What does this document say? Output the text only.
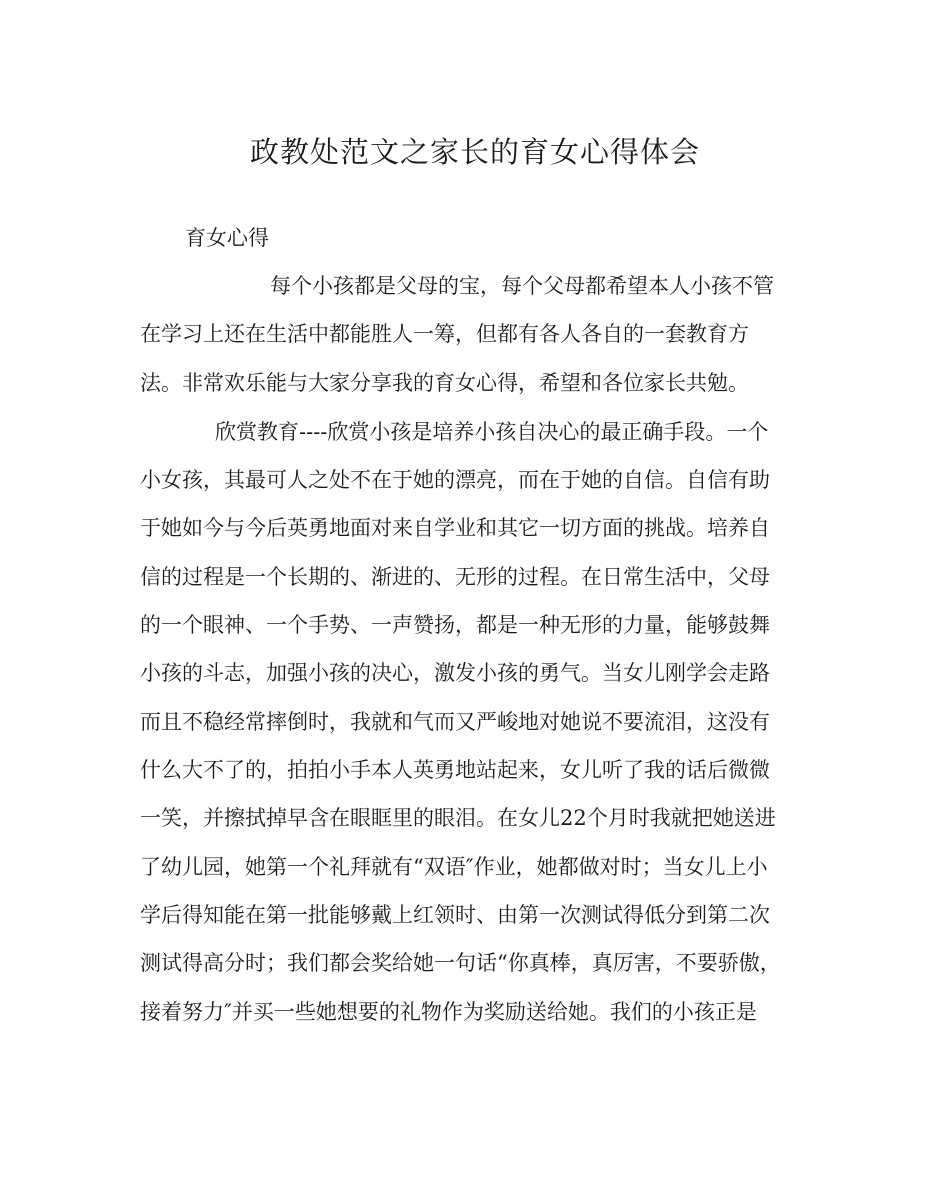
政教处范文之家长的育女心得体会
育女心得
每个小孩都是父母的宝，每个父母都希望本人小孩不管
在学习上还在生活中都能胜人一筹，但都有各人各自的一套教育方
法。非常欢乐能与大家分享我的育女心得，希望和各位家长共勉。
欣赏教育----欣赏小孩是培养小孩自决心的最正确手段。一个
小女孩，其最可人之处不在于她的漂亮，而在于她的自信。自信有助
于她如今与今后英勇地面对来自学业和其它一切方面的挑战。培养自
信的过程是一个长期的、渐进的、无形的过程。在日常生活中，父母
的一个眼神、一个手势、一声赞扬，都是一种无形的力量，能够鼓舞
小孩的斗志，加强小孩的决心，激发小孩的勇气。当女儿刚学会走路
而且不稳经常摔倒时，我就和气而又严峻地对她说不要流泪，这没有
什么大不了的，拍拍小手本人英勇地站起来，女儿听了我的话后微微
一笑，并擦拭掉早含在眼眶里的眼泪。在女儿22个月时我就把她送进
了幼儿园，她第一个礼拜就有“双语″作业，她都做对时；当女儿上小
学后得知能在第一批能够戴上红领时、由第一次测试得低分到第二次
测试得高分时；我们都会奖给她一句话“你真棒，真厉害，不要骄傲，
接着努力″并买一些她想要的礼物作为奖励送给她。我们的小孩正是
